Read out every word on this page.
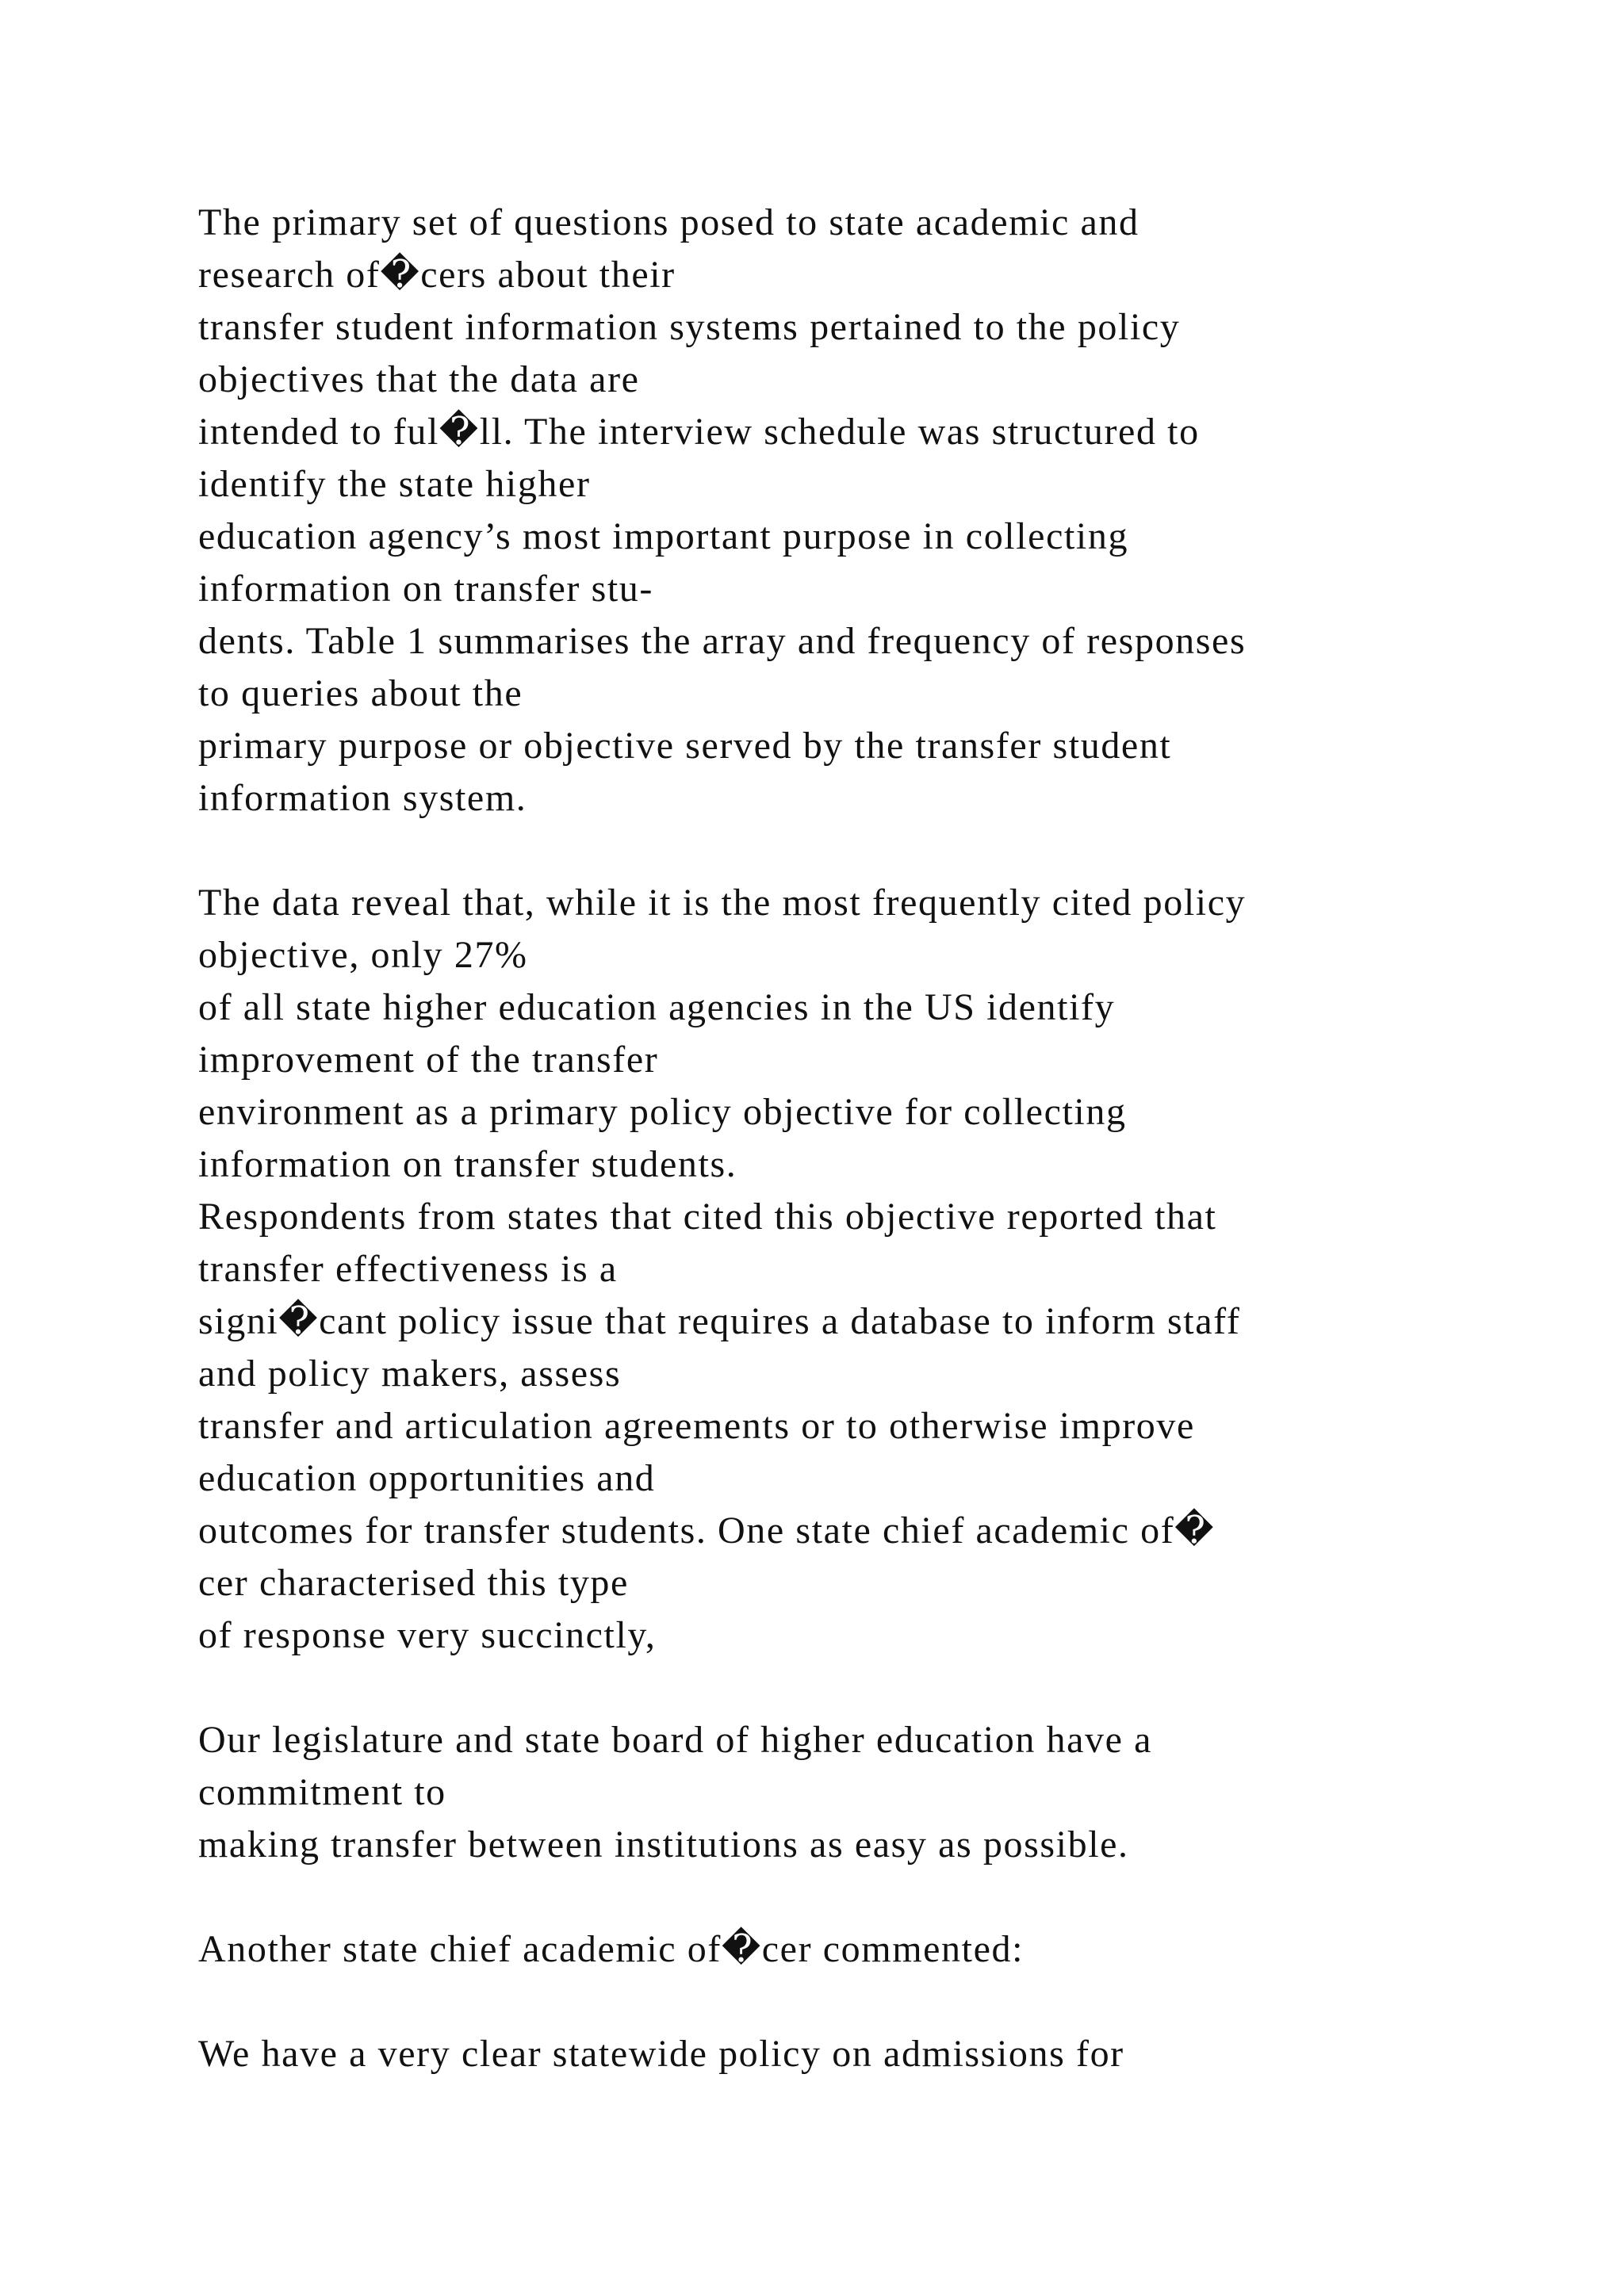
The primary set of questions posed to state academic and
research of�cers about their
transfer student information systems pertained to the policy
objectives that the data are
intended to ful�ll. The interview schedule was structured to
identify the state higher
education agency’s most important purpose in collecting
information on transfer stu-
dents. Table 1 summarises the array and frequency of responses
to queries about the
primary purpose or objective served by the transfer student
information system.
The data reveal that, while it is the most frequently cited policy
objective, only 27%
of all state higher education agencies in the US identify
improvement of the transfer
environment as a primary policy objective for collecting
information on transfer students.
Respondents from states that cited this objective reported that
transfer effectiveness is a
signi�cant policy issue that requires a database to inform staff
and policy makers, assess
transfer and articulation agreements or to otherwise improve
education opportunities and
outcomes for transfer students. One state chief academic of�
cer characterised this type
of response very succinctly,
Our legislature and state board of higher education have a
commitment to
making transfer between institutions as easy as possible.
Another state chief academic of�cer commented:
We have a very clear statewide policy on admissions for
